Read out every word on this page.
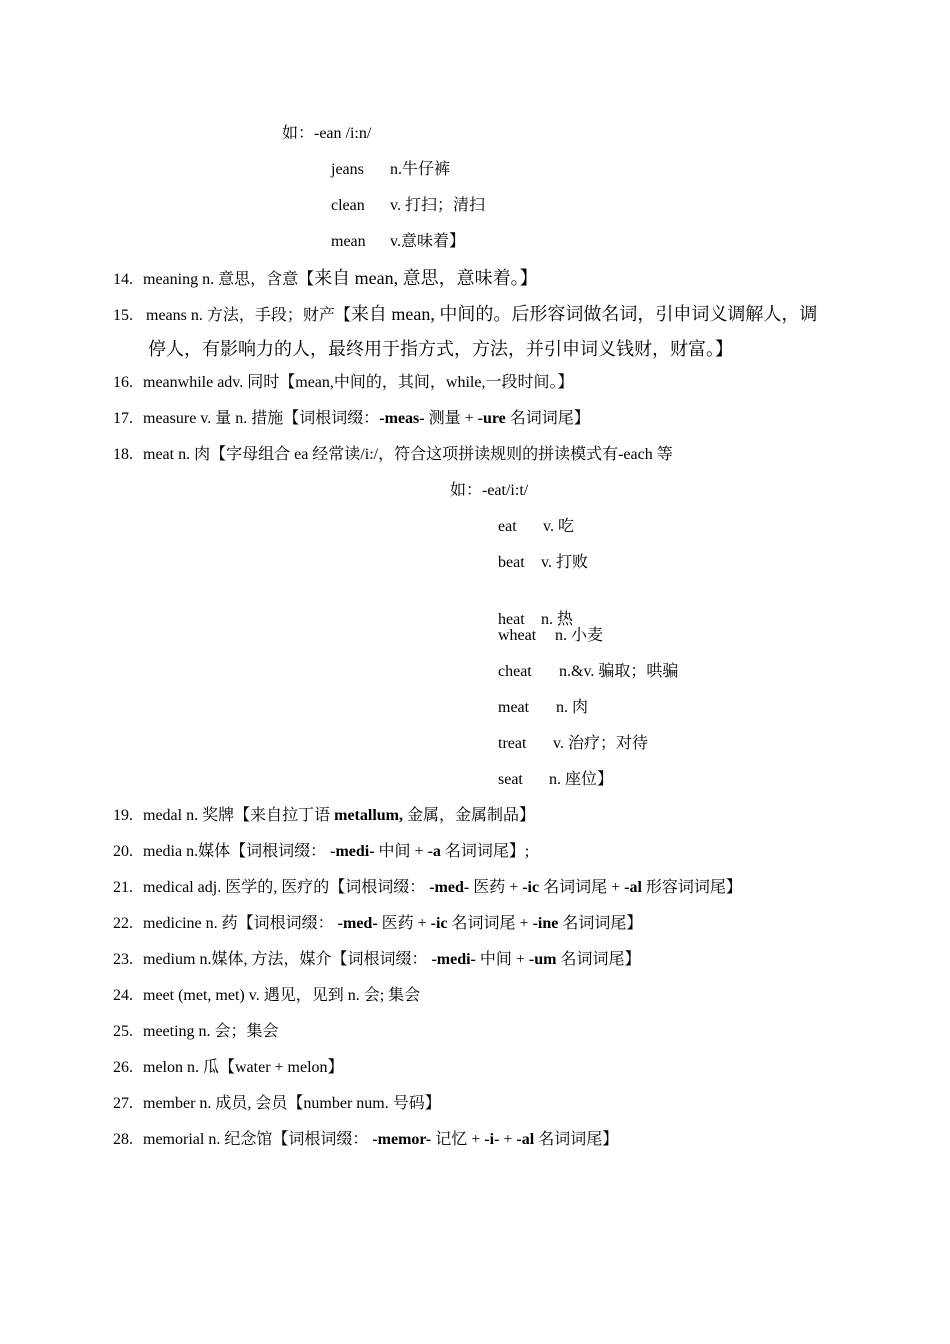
如：-ean /i:n/
jeans n.牛仔裤
clean v. 打扫；清扫
mean v.意味着】
14. meaning n. 意思，含意【来自 mean, 意思，意味着。】
15. means n. 方法，手段；财产【来自 mean, 中间的。后形容词做名词，引申词义调解人，调
停人，有影响力的人，最终用于指方式，方法，并引申词义钱财，财富。】
16. meanwhile adv. 同时【mean,中间的，其间，while,一段时间。】
17. measure v. 量 n. 措施【词根词缀：-meas- 测量 + -ure 名词词尾】
18. meat n. 肉【字母组合 ea 经常读/i:/，符合这项拼读规则的拼读模式有-each 等
如：-eat/i:t/
eat v. 吃
beat v. 打败
heat n. 热
wheat n. 小麦
cheat n.&v. 骗取；哄骗
meat n. 肉
treat v. 治疗；对待
seat n. 座位】
19. medal n. 奖牌【来自拉丁语 metallum, 金属，金属制品】
20. media n.媒体【词根词缀： -medi- 中间 + -a 名词词尾】;
21. medical adj. 医学的, 医疗的【词根词缀： -med- 医药 + -ic 名词词尾 + -al 形容词词尾】
22. medicine n. 药【词根词缀： -med- 医药 + -ic 名词词尾 + -ine 名词词尾】
23. medium n.媒体, 方法，媒介【词根词缀： -medi- 中间 + -um 名词词尾】
24. meet (met, met) v. 遇见，见到 n. 会; 集会
25. meeting n. 会；集会
26. melon n. 瓜【water + melon】
27. member n. 成员, 会员【number num. 号码】
28. memorial n. 纪念馆【词根词缀： -memor- 记忆 + -i- + -al 名词词尾】
